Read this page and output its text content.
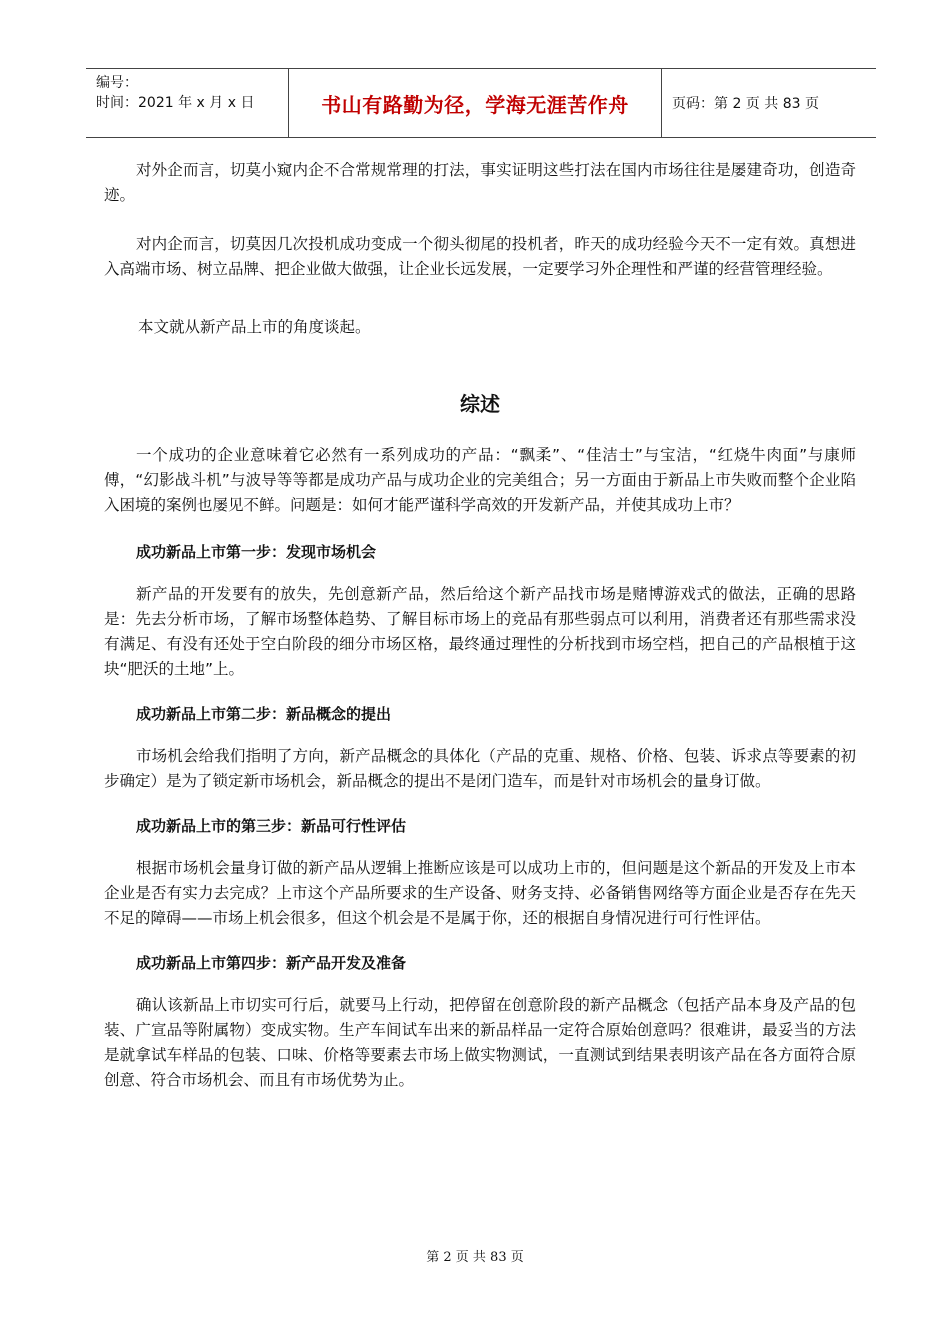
编号：
时间：2021 年 x 月 x 日	书山有路勤为径，学海无涯苦作舟	页码：第 2 页 共 83 页

对外企而言，切莫小窥内企不合常规常理的打法，事实证明这些打法在国内市场往往是屡建奇功，创造奇迹。

对内企而言，切莫因几次投机成功变成一个彻头彻尾的投机者，昨天的成功经验今天不一定有效。真想进入高端市场、树立品牌、把企业做大做强，让企业长远发展，一定要学习外企理性和严谨的经营管理经验。

本文就从新产品上市的角度谈起。

综述

一个成功的企业意味着它必然有一系列成功的产品：“飘柔”、“佳洁士”与宝洁，“红烧牛肉面”与康师傅，“幻影战斗机”与波导等等都是成功产品与成功企业的完美组合；另一方面由于新品上市失败而整个企业陷入困境的案例也屡见不鲜。问题是：如何才能严谨科学高效的开发新产品，并使其成功上市？

成功新品上市第一步：发现市场机会

新产品的开发要有的放失，先创意新产品，然后给这个新产品找市场是赌博游戏式的做法，正确的思路是：先去分析市场，了解市场整体趋势、了解目标市场上的竞品有那些弱点可以利用，消费者还有那些需求没有满足、有没有还处于空白阶段的细分市场区格，最终通过理性的分析找到市场空档，把自己的产品根植于这块“肥沃的土地”上。

成功新品上市第二步：新品概念的提出

市场机会给我们指明了方向，新产品概念的具体化（产品的克重、规格、价格、包装、诉求点等要素的初步确定）是为了锁定新市场机会，新品概念的提出不是闭门造车，而是针对市场机会的量身订做。

成功新品上市的第三步：新品可行性评估

根据市场机会量身订做的新产品从逻辑上推断应该是可以成功上市的，但问题是这个新品的开发及上市本企业是否有实力去完成？上市这个产品所要求的生产设备、财务支持、必备销售网络等方面企业是否存在先天不足的障碍——市场上机会很多，但这个机会是不是属于你，还的根据自身情况进行可行性评估。

成功新品上市第四步：新产品开发及准备

确认该新品上市切实可行后，就要马上行动，把停留在创意阶段的新产品概念（包括产品本身及产品的包装、广宣品等附属物）变成实物。生产车间试车出来的新品样品一定符合原始创意吗？很难讲，最妥当的方法是就拿试车样品的包装、口味、价格等要素去市场上做实物测试，一直测试到结果表明该产品在各方面符合原创意、符合市场机会、而且有市场优势为止。

第 2 页 共 83 页
